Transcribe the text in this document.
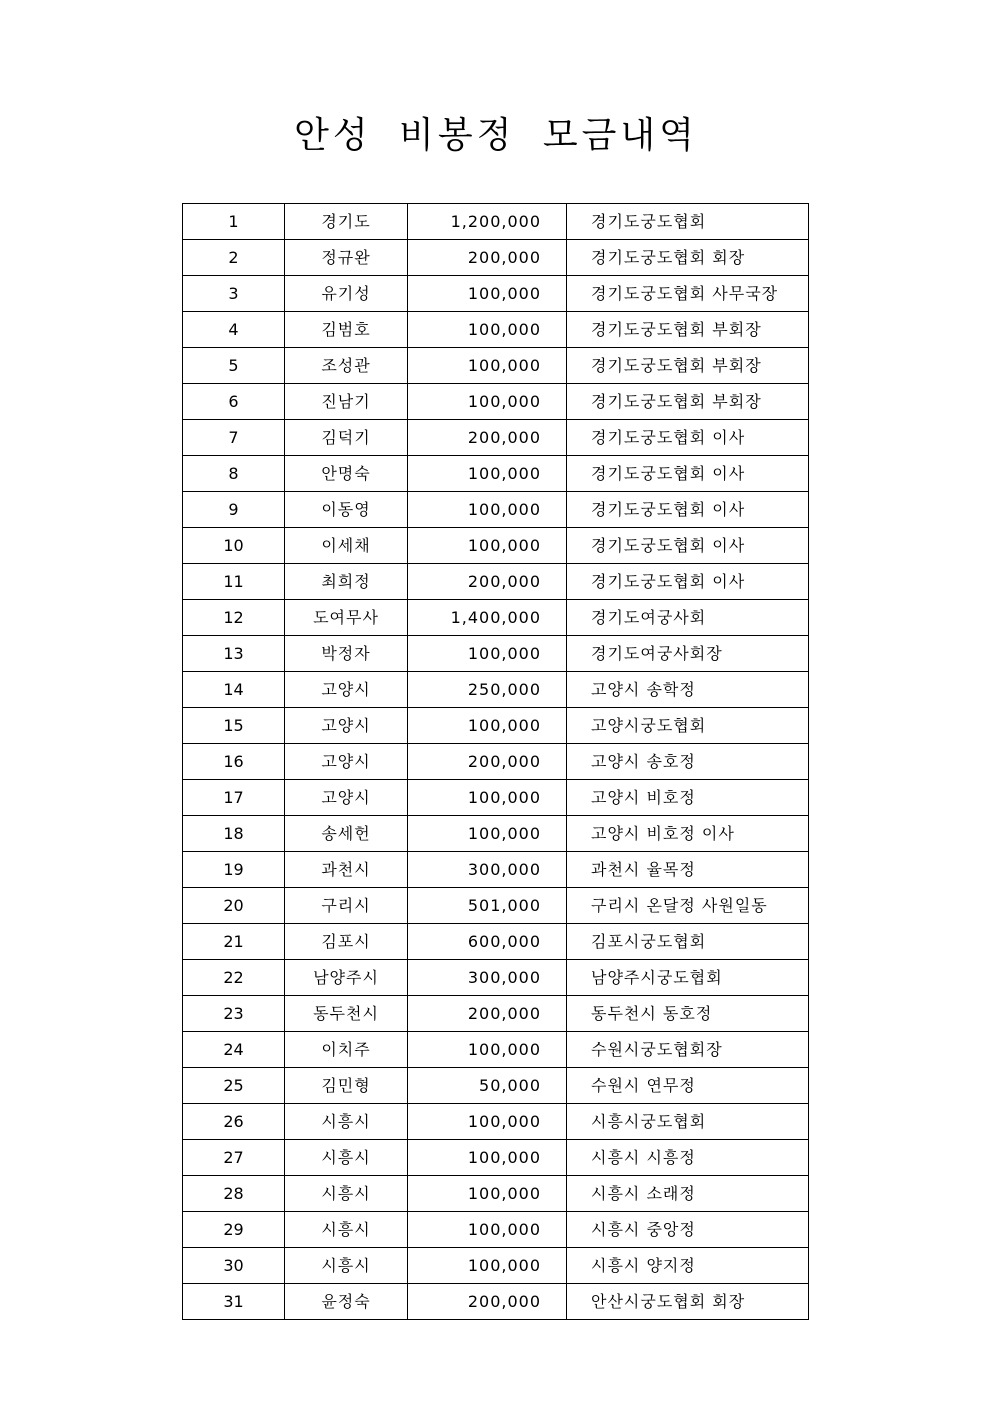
안성 비봉정 모금내역
1	경기도	1,200,000	경기도궁도협회
2	정규완	200,000	경기도궁도협회 회장
3	유기성	100,000	경기도궁도협회 사무국장
4	김범호	100,000	경기도궁도협회 부회장
5	조성관	100,000	경기도궁도협회 부회장
6	진남기	100,000	경기도궁도협회 부회장
7	김덕기	200,000	경기도궁도협회 이사
8	안명숙	100,000	경기도궁도협회 이사
9	이동영	100,000	경기도궁도협회 이사
10	이세채	100,000	경기도궁도협회 이사
11	최희정	200,000	경기도궁도협회 이사
12	도여무사	1,400,000	경기도여궁사회
13	박정자	100,000	경기도여궁사회장
14	고양시	250,000	고양시 송학정
15	고양시	100,000	고양시궁도협회
16	고양시	200,000	고양시 송호정
17	고양시	100,000	고양시 비호정
18	송세헌	100,000	고양시 비호정 이사
19	과천시	300,000	과천시 율목정
20	구리시	501,000	구리시 온달정 사원일동
21	김포시	600,000	김포시궁도협회
22	남양주시	300,000	남양주시궁도협회
23	동두천시	200,000	동두천시 동호정
24	이치주	100,000	수원시궁도협회장
25	김민형	50,000	수원시 연무정
26	시흥시	100,000	시흥시궁도협회
27	시흥시	100,000	시흥시 시흥정
28	시흥시	100,000	시흥시 소래정
29	시흥시	100,000	시흥시 중앙정
30	시흥시	100,000	시흥시 양지정
31	윤정숙	200,000	안산시궁도협회 회장
